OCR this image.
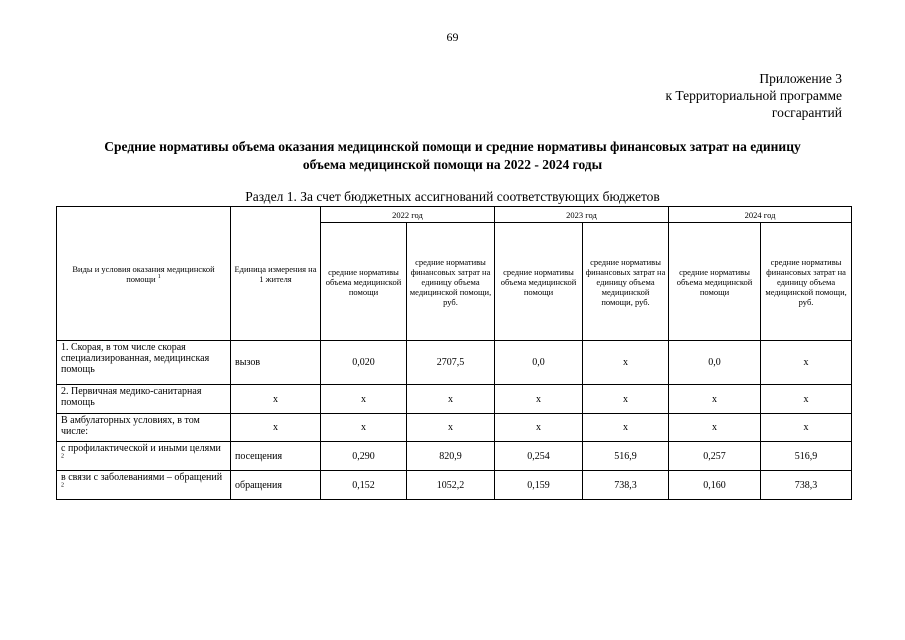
69
Приложение 3
к Территориальной программе
госгарантий
Средние нормативы объема оказания медицинской помощи и средние нормативы финансовых затрат на единицу
объема медицинской помощи на 2022 - 2024 годы
Раздел 1. За счет бюджетных ассигнований соответствующих бюджетов
Виды и условия оказания медицинской помощи $^1$	Единица измерения на 1 жителя	2022 год		2023 год		2024 год	
		средние нормативы объема медицинской помощи	средние нормативы финансовых затрат на единицу объема медицинской помощи, руб.	средние нормативы объема медицинской помощи	средние нормативы финансовых затрат на единицу объема медицинской помощи, руб.	средние нормативы объема медицинской помощи	средние нормативы финансовых затрат на единицу объема медицинской помощи, руб.
1. Скорая, в том числе скорая специализированная, медицинская помощь	вызов	0,020	2707,5	0,0	х	0,0	х
2. Первичная медико-санитарная помощь	х	х	х	х	х	х	х
В амбулаторных условиях, в том числе:	х	х	х	х	х	х	х
с профилактической и иными целями $^2$	посещения	0,290	820,9	0,254	516,9	0,257	516,9
в связи с заболеваниями – обращений $^2$	обращения	0,152	1052,2	0,159	738,3	0,160	738,3
